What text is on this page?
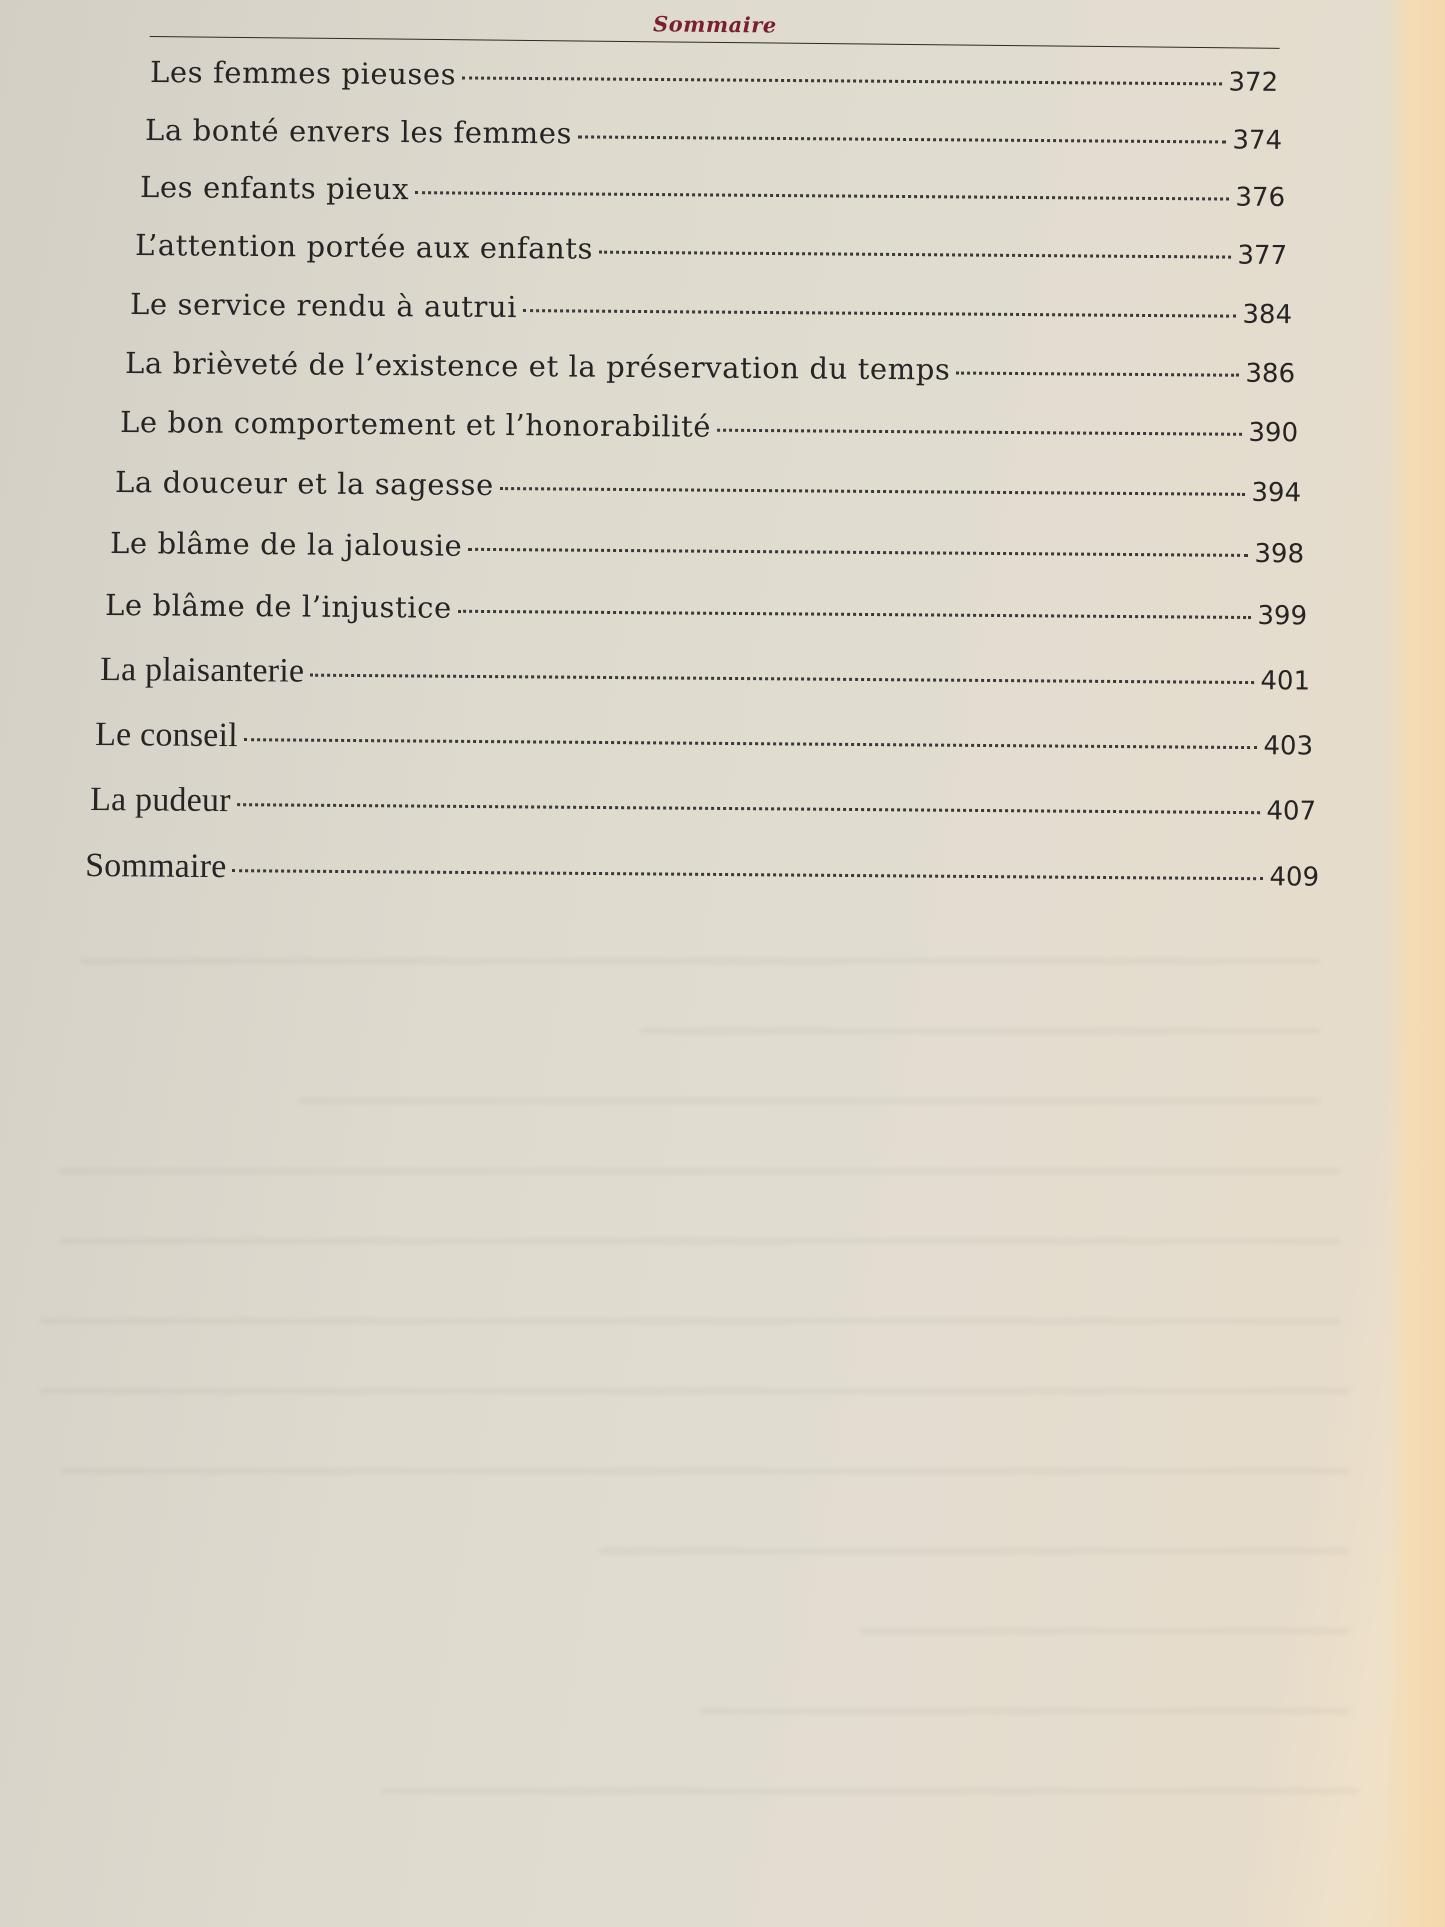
Sommaire
Les femmes pieuses	372
La bonté envers les femmes	374
Les enfants pieux	376
L’attention portée aux enfants	377
Le service rendu à autrui	384
La brièveté de l’existence et la préservation du temps	386
Le bon comportement et l’honorabilité	390
La douceur et la sagesse	394
Le blâme de la jalousie	398
Le blâme de l’injustice	399
La plaisanterie	401
Le conseil	403
La pudeur	407
Sommaire	409
